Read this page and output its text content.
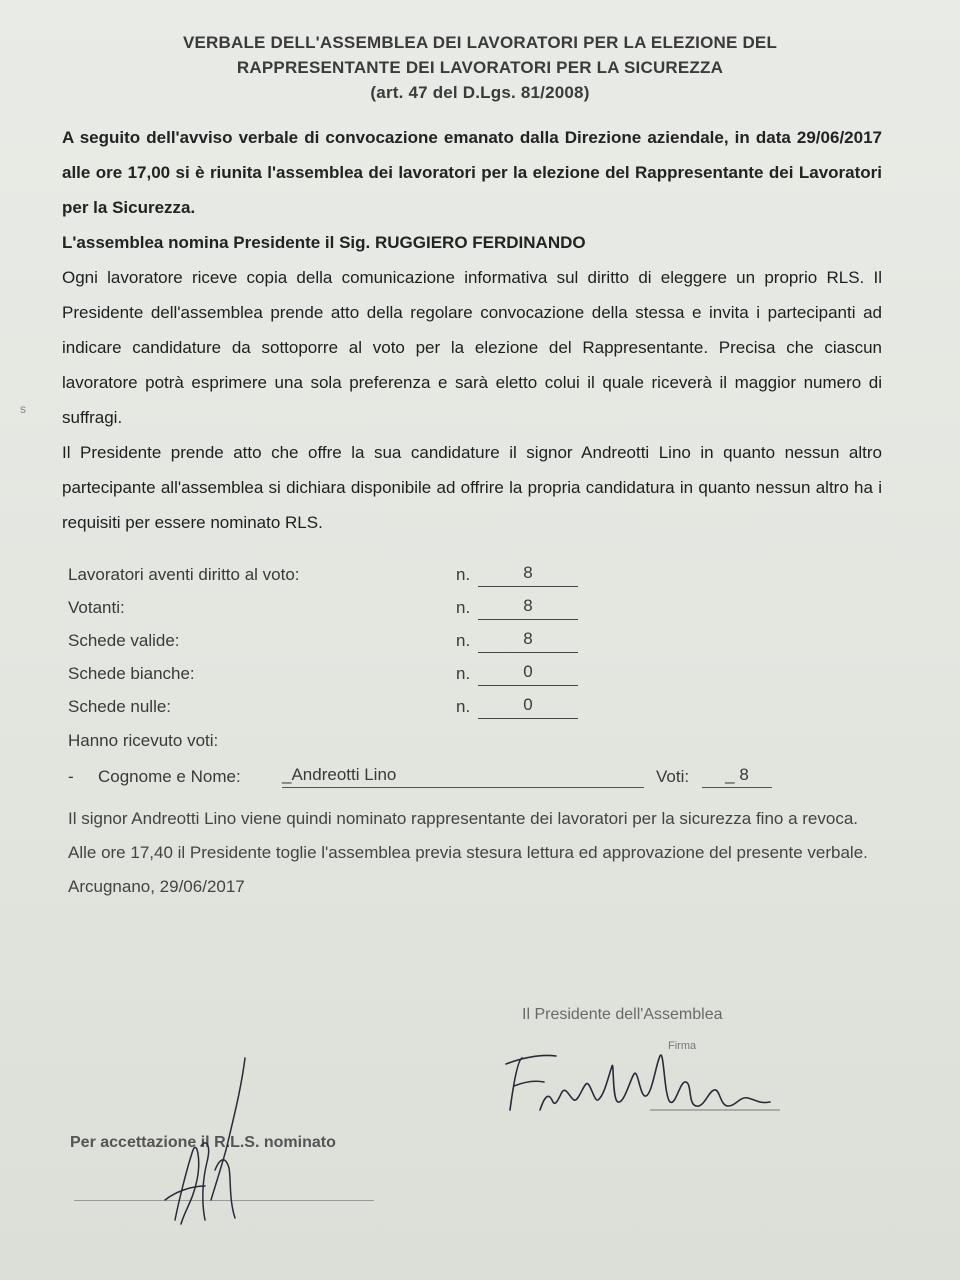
VERBALE DELL'ASSEMBLEA DEI LAVORATORI PER LA ELEZIONE DEL
RAPPRESENTANTE DEI LAVORATORI PER LA SICUREZZA
(art. 47 del D.Lgs. 81/2008)
s

A seguito dell'avviso verbale di convocazione emanato dalla Direzione aziendale, in data 29/06/2017 alle ore 17,00 si è riunita l'assemblea dei lavoratori per la elezione del Rappresentante dei Lavoratori per la Sicurezza.

L'assemblea nomina Presidente il Sig. RUGGIERO FERDINANDO

Ogni lavoratore riceve copia della comunicazione informativa sul diritto di eleggere un proprio RLS. Il Presidente dell'assemblea prende atto della regolare convocazione della stessa e invita i partecipanti ad indicare candidature da sottoporre al voto per la elezione del Rappresentante. Precisa che ciascun lavoratore potrà esprimere una sola preferenza e sarà eletto colui il quale riceverà il maggior numero di suffragi.

Il Presidente prende atto che offre la sua candidature il signor Andreotti Lino in quanto nessun altro partecipante all'assemblea si dichiara disponibile ad offrire la propria candidatura in quanto nessun altro ha i requisiti per essere nominato RLS.

Lavoratori aventi diritto al voto:	n.	8
Votanti:	n.	8
Schede valide:	n.	8
Schede bianche:	n.	0
Schede nulle:	n.	0
Hanno ricevuto voti:
- Cognome e Nome: _Andreotti Lino	Voti:	_ 8

Il signor Andreotti Lino viene quindi nominato rappresentante dei lavoratori per la sicurezza fino a revoca.

Alle ore 17,40 il Presidente toglie l'assemblea previa stesura lettura ed approvazione del presente verbale.

Arcugnano, 29/06/2017

Il Presidente dell'Assemblea
Firma
Per accettazione il R.L.S. nominato
